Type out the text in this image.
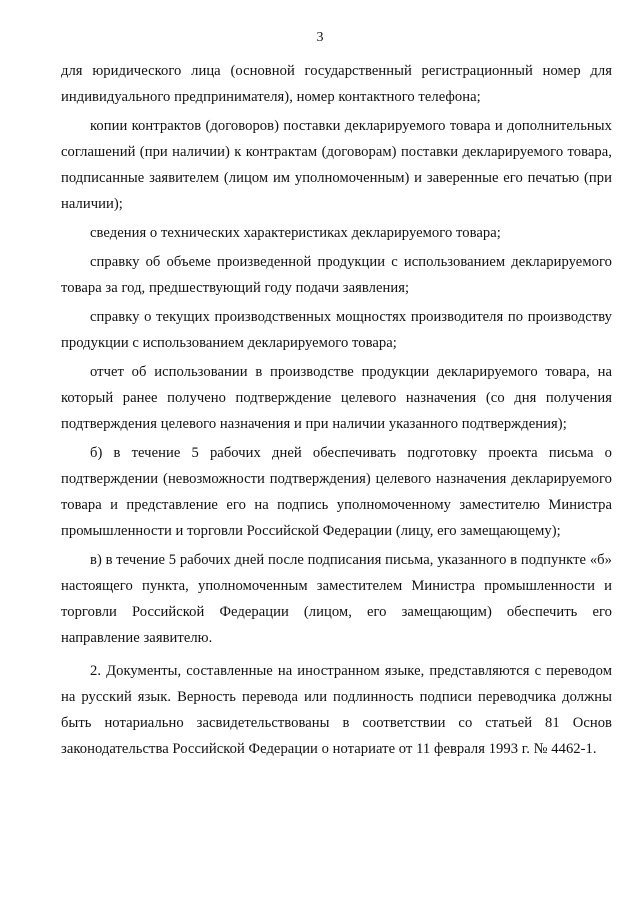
3

для юридического лица (основной государственный регистрационный номер для индивидуального предпринимателя), номер контактного телефона;

копии контрактов (договоров) поставки декларируемого товара и дополнительных соглашений (при наличии) к контрактам (договорам) поставки декларируемого товара, подписанные заявителем (лицом им уполномоченным) и заверенные его печатью (при наличии);

сведения о технических характеристиках декларируемого товара;

справку об объеме произведенной продукции с использованием декларируемого товара за год, предшествующий году подачи заявления;

справку о текущих производственных мощностях производителя по производству продукции с использованием декларируемого товара;

отчет об использовании в производстве продукции декларируемого товара, на который ранее получено подтверждение целевого назначения (со дня получения подтверждения целевого назначения и при наличии указанного подтверждения);

б) в течение 5 рабочих дней обеспечивать подготовку проекта письма о подтверждении (невозможности подтверждения) целевого назначения декларируемого товара и представление его на подпись уполномоченному заместителю Министра промышленности и торговли Российской Федерации (лицу, его замещающему);

в) в течение 5 рабочих дней после подписания письма, указанного в подпункте «б» настоящего пункта, уполномоченным заместителем Министра промышленности и торговли Российской Федерации (лицом, его замещающим) обеспечить его направление заявителю.

2. Документы, составленные на иностранном языке, представляются с переводом на русский язык. Верность перевода или подлинность подписи переводчика должны быть нотариально засвидетельствованы в соответствии со статьей 81 Основ законодательства Российской Федерации о нотариате от 11 февраля 1993 г. № 4462-1.
